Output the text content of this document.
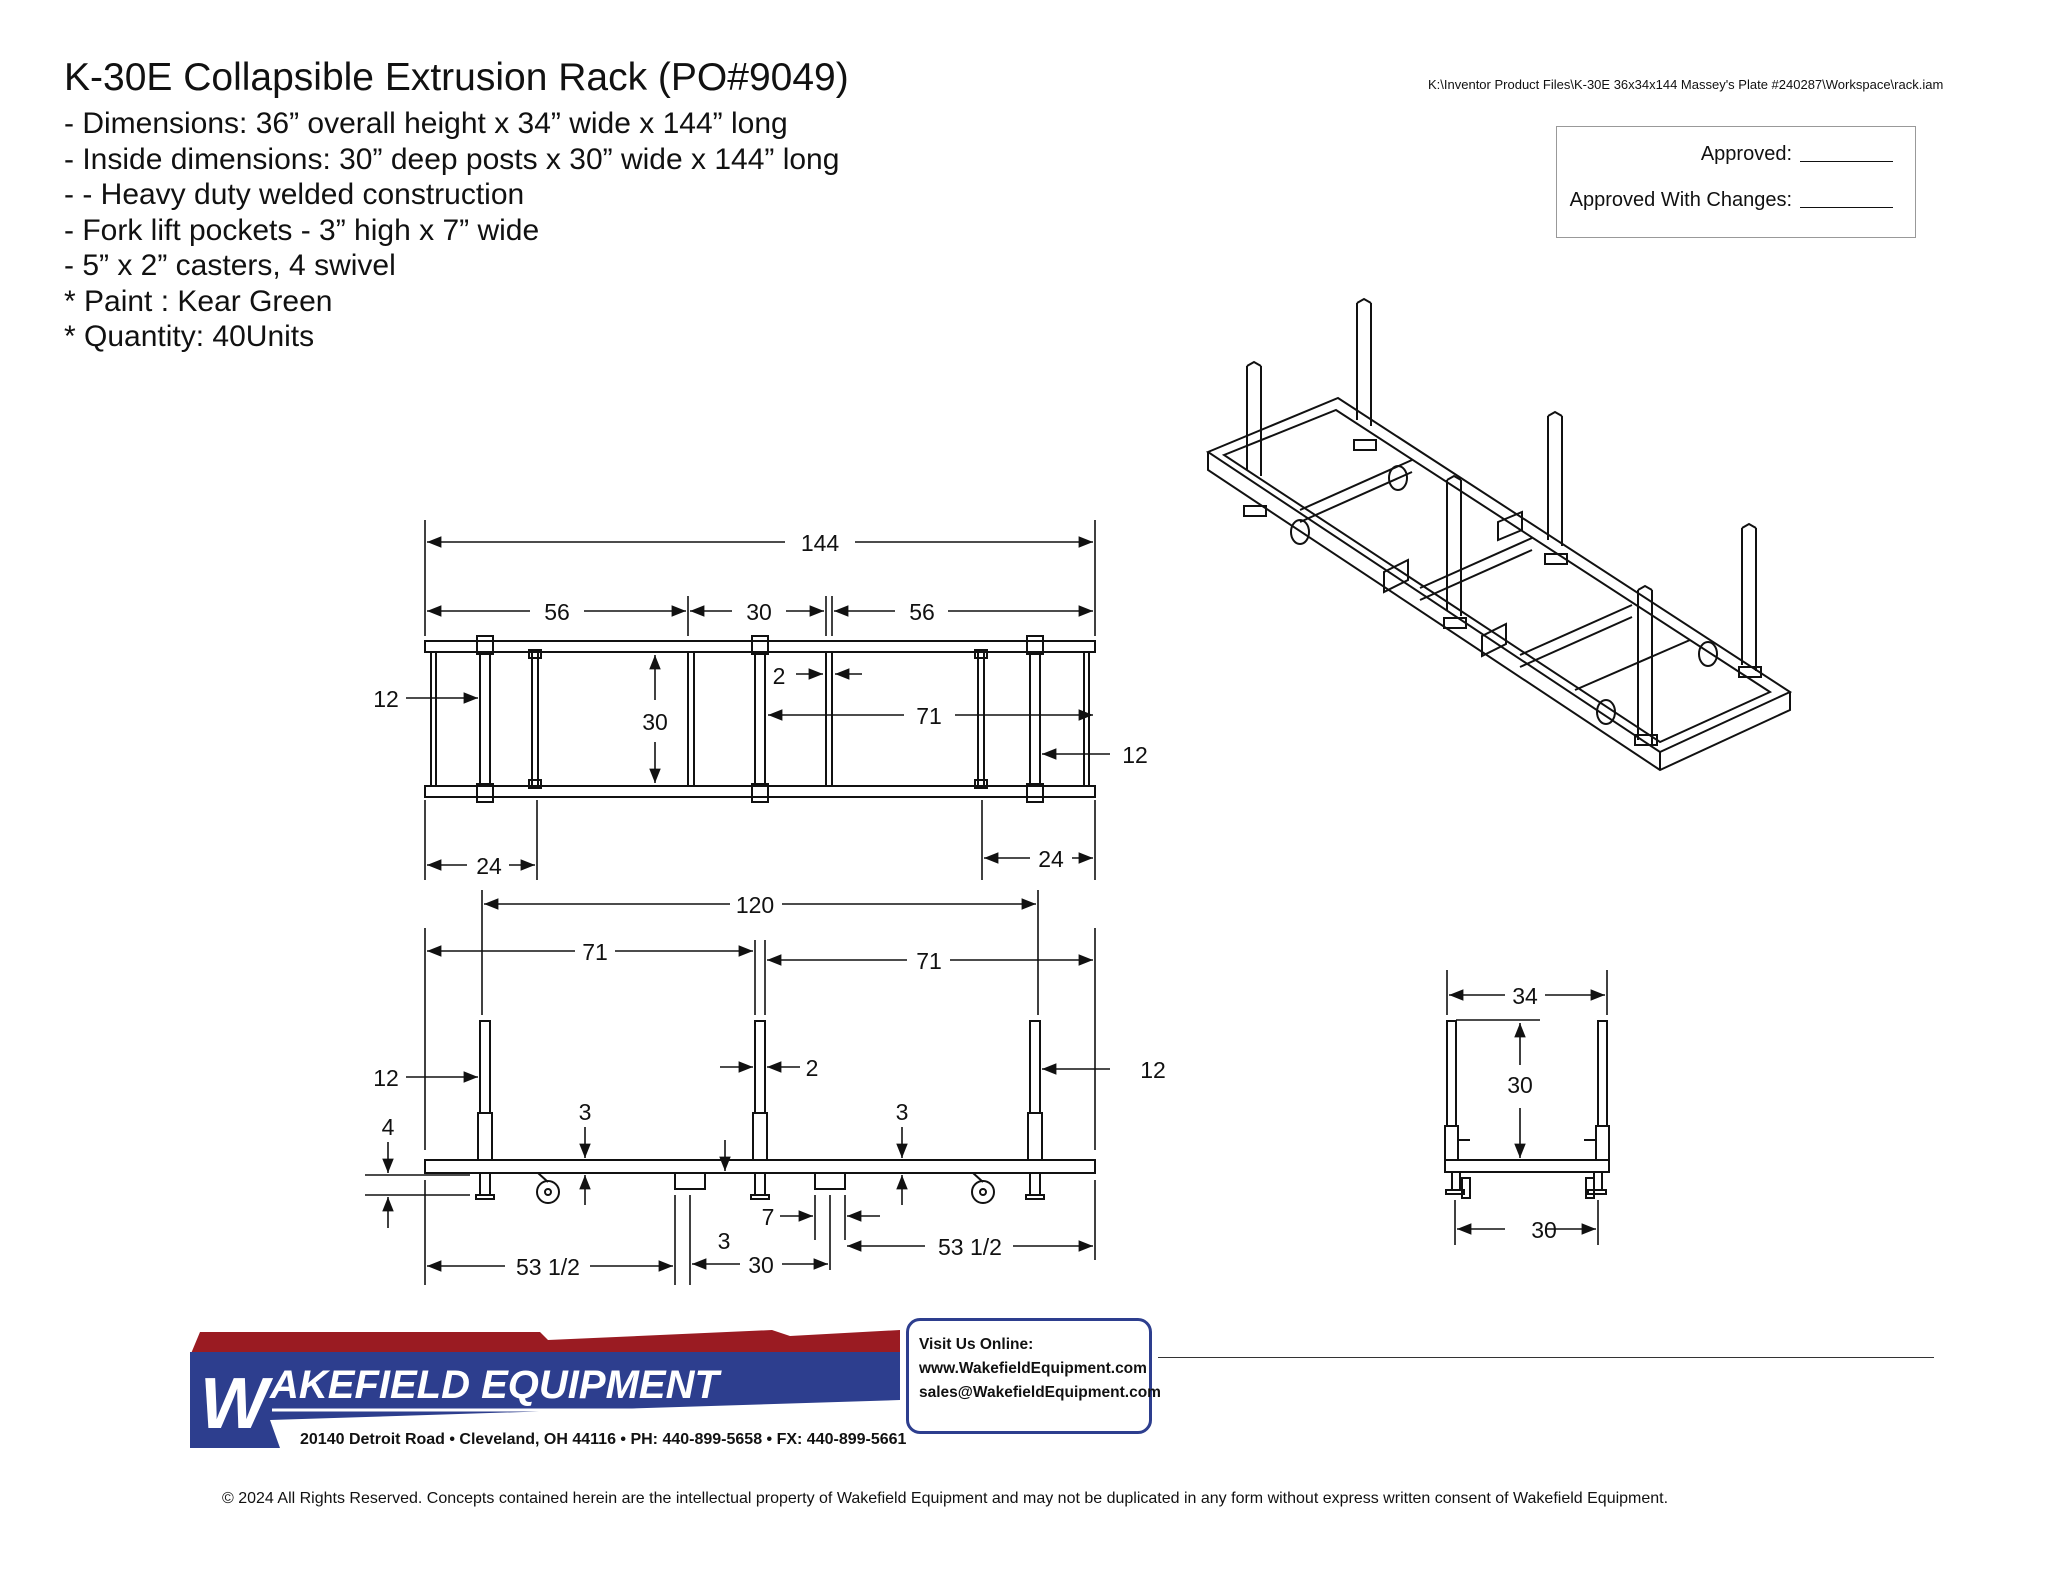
K-30E Collapsible Extrusion Rack (PO#9049)
- Dimensions: 36” overall height x 34” wide x 144” long
- Inside dimensions: 30” deep posts x 30” wide x 144” long
- - Heavy duty welded construction
- Fork lift pockets - 3” high x 7” wide
- 5” x 2” casters, 4 swivel
* Paint : Kear Green
* Quantity: 40Units
K:\Inventor Product Files\K-30E 36x34x144 Massey's Plate #240287\Workspace\rack.iam
Approved:
Approved With Changes:
144
56	30	56
30
2
71
12
12
24	24
120
71	71
12	12
2
4
3	3
7
3
30
53 1/2
53 1/2
34
30
30
W AKEFIELD EQUIPMENT
20140 Detroit Road • Cleveland, OH 44116 • PH: 440-899-5658 • FX: 440-899-5661
Visit Us Online:
www.WakefieldEquipment.com
sales@WakefieldEquipment.com
© 2024 All Rights Reserved. Concepts contained herein are the intellectual property of Wakefield Equipment and may not be duplicated in any form without express written consent of Wakefield Equipment.
